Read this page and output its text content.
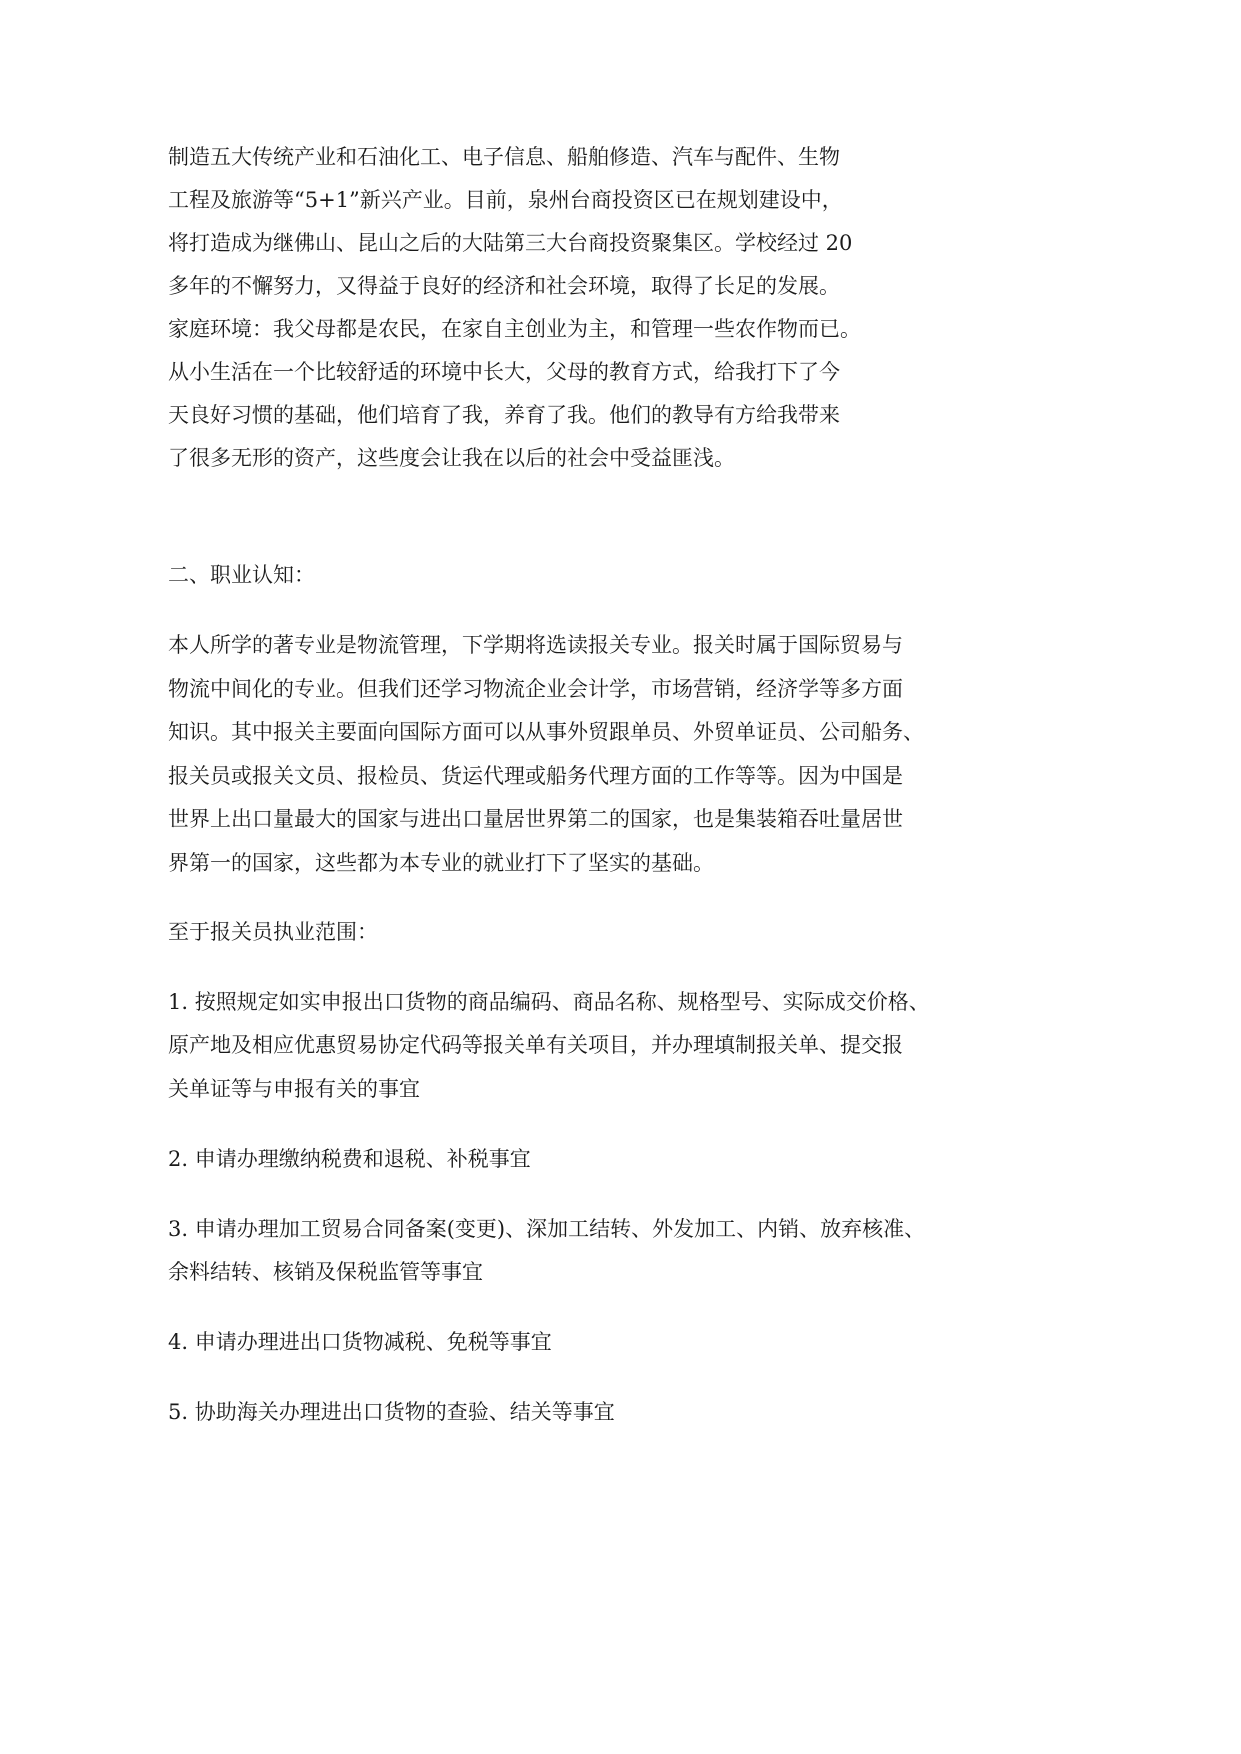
制造五大传统产业和石油化工、电子信息、船舶修造、汽车与配件、生物
工程及旅游等“5+1”新兴产业。目前，泉州台商投资区已在规划建设中，
将打造成为继佛山、昆山之后的大陆第三大台商投资聚集区。学校经过 20
多年的不懈努力，又得益于良好的经济和社会环境，取得了长足的发展。
家庭环境：我父母都是农民，在家自主创业为主，和管理一些农作物而已。
从小生活在一个比较舒适的环境中长大，父母的教育方式，给我打下了今
天良好习惯的基础，他们培育了我，养育了我。他们的教导有方给我带来
了很多无形的资产，这些度会让我在以后的社会中受益匪浅。
二、职业认知：
本人所学的著专业是物流管理，下学期将选读报关专业。报关时属于国际贸易与
物流中间化的专业。但我们还学习物流企业会计学，市场营销，经济学等多方面
知识。其中报关主要面向国际方面可以从事外贸跟单员、外贸单证员、公司船务、
报关员或报关文员、报检员、货运代理或船务代理方面的工作等等。因为中国是
世界上出口量最大的国家与进出口量居世界第二的国家，也是集装箱吞吐量居世
界第一的国家，这些都为本专业的就业打下了坚实的基础。
至于报关员执业范围：
1. 按照规定如实申报出口货物的商品编码、商品名称、规格型号、实际成交价格、
原产地及相应优惠贸易协定代码等报关单有关项目，并办理填制报关单、提交报
关单证等与申报有关的事宜
2. 申请办理缴纳税费和退税、补税事宜
3. 申请办理加工贸易合同备案(变更)、深加工结转、外发加工、内销、放弃核准、
余料结转、核销及保税监管等事宜
4. 申请办理进出口货物减税、免税等事宜
5. 协助海关办理进出口货物的查验、结关等事宜
